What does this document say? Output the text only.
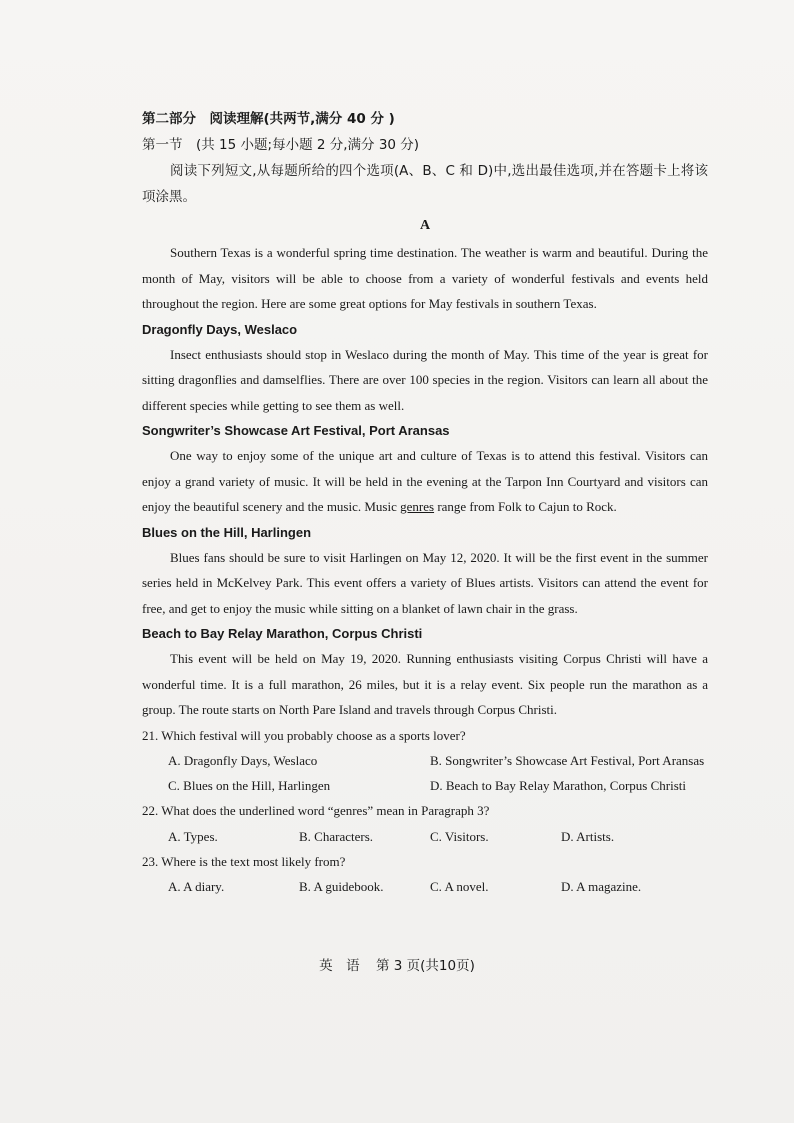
第二部分　阅读理解(共两节,满分 40 分 )
第一节　(共 15 小题;每小题 2 分,满分 30 分)
阅读下列短文,从每题所给的四个选项(A、B、C 和 D)中,选出最佳选项,并在答题卡上将该项涂黑。
A

Southern Texas is a wonderful spring time destination. The weather is warm and beautiful. During the month of May, visitors will be able to choose from a variety of wonderful festivals and events held throughout the region. Here are some great options for May festivals in southern Texas.

Dragonfly Days, Weslaco

Insect enthusiasts should stop in Weslaco during the month of May. This time of the year is great for sitting dragonflies and damselflies. There are over 100 species in the region. Visitors can learn all about the different species while getting to see them as well.

Songwriter’s Showcase Art Festival, Port Aransas

One way to enjoy some of the unique art and culture of Texas is to attend this festival. Visitors can enjoy a grand variety of music. It will be held in the evening at the Tarpon Inn Courtyard and visitors can enjoy the beautiful scenery and the music. Music genres range from Folk to Cajun to Rock.

Blues on the Hill, Harlingen

Blues fans should be sure to visit Harlingen on May 12, 2020. It will be the first event in the summer series held in McKelvey Park. This event offers a variety of Blues artists. Visitors can attend the event for free, and get to enjoy the music while sitting on a blanket of lawn chair in the grass.

Beach to Bay Relay Marathon, Corpus Christi

This event will be held on May 19, 2020. Running enthusiasts visiting Corpus Christi will have a wonderful time. It is a full marathon, 26 miles, but it is a relay event. Six people run the marathon as a group. The route starts on North Pare Island and travels through Corpus Christi.

21. Which festival will you probably choose as a sports lover?
A. Dragonfly Days, Weslaco	B. Songwriter’s Showcase Art Festival, Port Aransas
C. Blues on the Hill, Harlingen	D. Beach to Bay Relay Marathon, Corpus Christi
22. What does the underlined word “genres” mean in Paragraph 3?
A. Types.	B. Characters.	C. Visitors.	D. Artists.
23. Where is the text most likely from?
A. A diary.	B. A guidebook.	C. A novel.	D. A magazine.
英　语 第 3 页(共10页)
